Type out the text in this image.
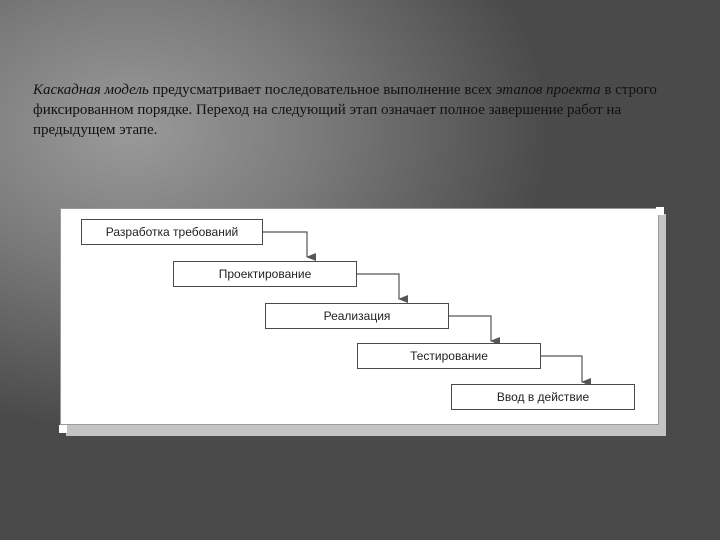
Каскадная модель предусматривает последовательное выполнение всех этапов проекта в строго фиксированном порядке. Переход на следующий этап означает полное завершение работ на предыдущем этапе.
Разработка требований
Проектирование
Реализация
Тестирование
Ввод в действие
